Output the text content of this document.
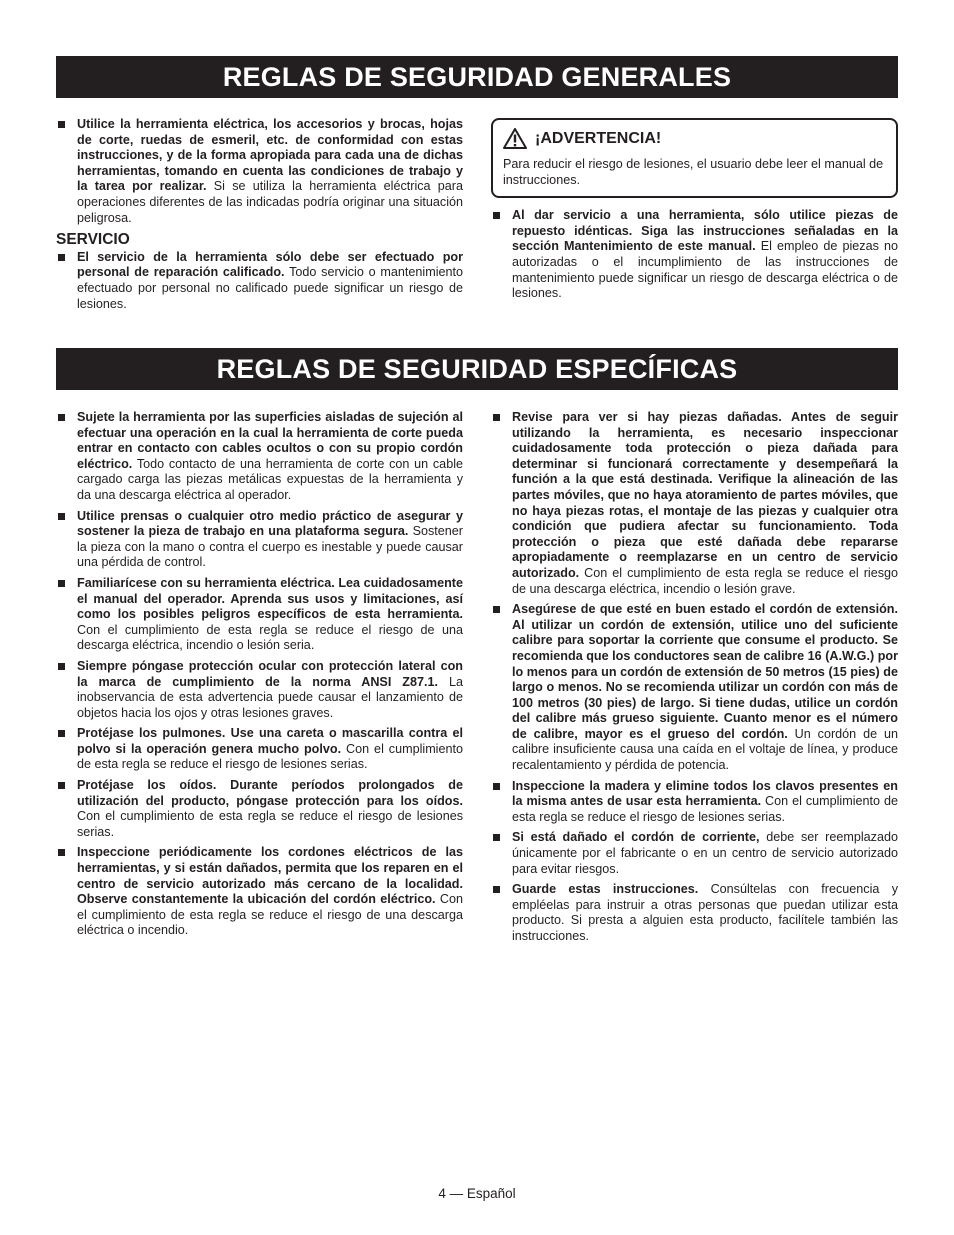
REGLAS DE SEGURIDAD GENERALES
Utilice la herramienta eléctrica, los accesorios y brocas, hojas de corte, ruedas de esmeril, etc. de conformidad con estas instrucciones, y de la forma apropiada para cada una de dichas herramientas, tomando en cuenta las condiciones de trabajo y la tarea por realizar. Si se utiliza la herramienta eléctrica para operaciones diferentes de las indicadas podría originar una situación peligrosa.
SERVICIO
El servicio de la herramienta sólo debe ser efectuado por personal de reparación calificado. Todo servicio o mantenimiento efectuado por personal no calificado puede significar un riesgo de lesiones.
¡ADVERTENCIA!
Para reducir el riesgo de lesiones, el usuario debe leer el manual de instrucciones.
Al dar servicio a una herramienta, sólo utilice piezas de repuesto idénticas. Siga las instrucciones señaladas en la sección Mantenimiento de este manual. El empleo de piezas no autorizadas o el incumplimiento de las instrucciones de mantenimiento puede significar un riesgo de descarga eléctrica o de lesiones.
REGLAS DE SEGURIDAD ESPECÍFICAS
Sujete la herramienta por las superficies aisladas de sujeción al efectuar una operación en la cual la herramienta de corte pueda entrar en contacto con cables ocultos o con su propio cordón eléctrico. Todo contacto de una herramienta de corte con un cable cargado carga las piezas metálicas expuestas de la herramienta y da una descarga eléctrica al operador.
Utilice prensas o cualquier otro medio práctico de asegurar y sostener la pieza de trabajo en una plataforma segura. Sostener la pieza con la mano o contra el cuerpo es inestable y puede causar una pérdida de control.
Familiarícese con su herramienta eléctrica. Lea cuidadosamente el manual del operador. Aprenda sus usos y limitaciones, así como los posibles peligros específicos de esta herramienta. Con el cumplimiento de esta regla se reduce el riesgo de una descarga eléctrica, incendio o lesión seria.
Siempre póngase protección ocular con protección lateral con la marca de cumplimiento de la norma ANSI Z87.1. La inobservancia de esta advertencia puede causar el lanzamiento de objetos hacia los ojos y otras lesiones graves.
Protéjase los pulmones. Use una careta o mascarilla contra el polvo si la operación genera mucho polvo. Con el cumplimiento de esta regla se reduce el riesgo de lesiones serias.
Protéjase los oídos. Durante períodos prolongados de utilización del producto, póngase protección para los oídos. Con el cumplimiento de esta regla se reduce el riesgo de lesiones serias.
Inspeccione periódicamente los cordones eléctricos de las herramientas, y si están dañados, permita que los reparen en el centro de servicio autorizado más cercano de la localidad. Observe constantemente la ubicación del cordón eléctrico. Con el cumplimiento de esta regla se reduce el riesgo de una descarga eléctrica o incendio.
Revise para ver si hay piezas dañadas. Antes de seguir utilizando la herramienta, es necesario inspeccionar cuidadosamente toda protección o pieza dañada para determinar si funcionará correctamente y desempeñará la función a la que está destinada. Verifique la alineación de las partes móviles, que no haya atoramiento de partes móviles, que no haya piezas rotas, el montaje de las piezas y cualquier otra condición que pudiera afectar su funcionamiento. Toda protección o pieza que esté dañada debe repararse apropiadamente o reemplazarse en un centro de servicio autorizado. Con el cumplimiento de esta regla se reduce el riesgo de una descarga eléctrica, incendio o lesión grave.
Asegúrese de que esté en buen estado el cordón de extensión. Al utilizar un cordón de extensión, utilice uno del suficiente calibre para soportar la corriente que consume el producto. Se recomienda que los conductores sean de calibre 16 (A.W.G.) por lo menos para un cordón de extensión de 50 metros (15 pies) de largo o menos. No se recomienda utilizar un cordón con más de 100 metros (30 pies) de largo. Si tiene dudas, utilice un cordón del calibre más grueso siguiente. Cuanto menor es el número de calibre, mayor es el grueso del cordón. Un cordón de un calibre insuficiente causa una caída en el voltaje de línea, y produce recalentamiento y pérdida de potencia.
Inspeccione la madera y elimine todos los clavos presentes en la misma antes de usar esta herramienta. Con el cumplimiento de esta regla se reduce el riesgo de lesiones serias.
Si está dañado el cordón de corriente, debe ser reemplazado únicamente por el fabricante o en un centro de servicio autorizado para evitar riesgos.
Guarde estas instrucciones. Consúltelas con frecuencia y empléelas para instruir a otras personas que puedan utilizar esta producto. Si presta a alguien esta producto, facilítele también las instrucciones.
4 — Español
